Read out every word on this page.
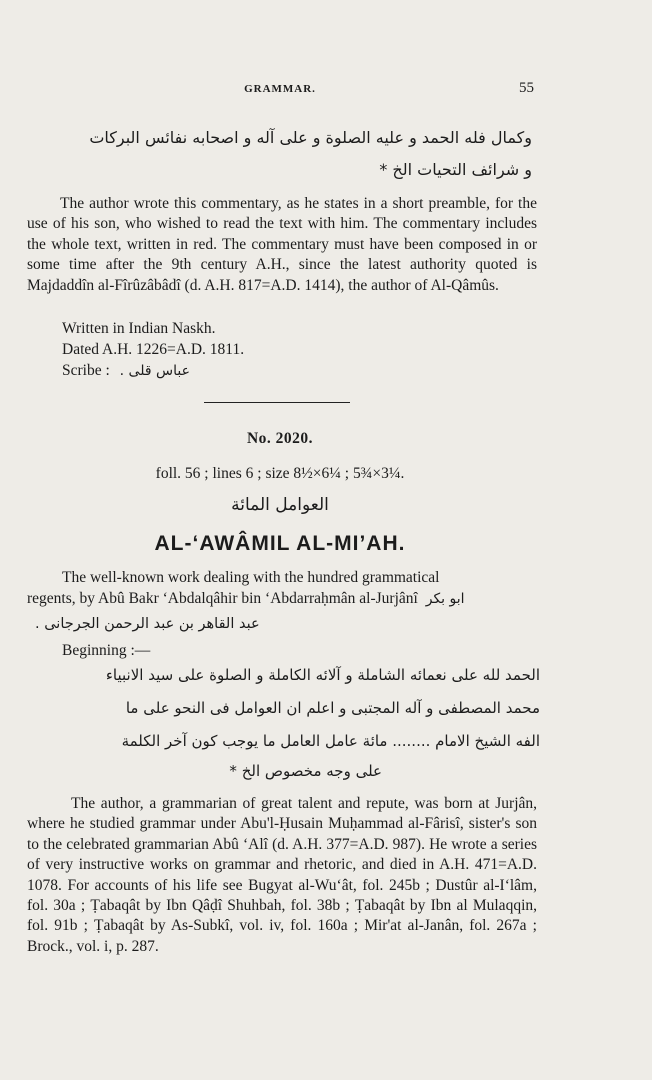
GRAMMAR.	55
وكمال فله الحمد و عليه الصلوة و على آله و اصحابه نفائس البركات
و شرائف التحيات الخ *

The author wrote this commentary, as he states in a short preamble, for the use of his son, who wished to read the text with him. The commentary includes the whole text, written in red. The commentary must have been composed in or some time after the 9th century A.H., since the latest authority quoted is Majdaddîn al-Fîrûzâbâdî (d. A.H. 817=A.D. 1414), the author of Al-Qâmûs.

Written in Indian Naskh.
Dated A.H. 1226=A.D. 1811.
Scribe : عباس قلی .
No. 2020.
foll. 56 ; lines 6 ; size 8½×6¼ ; 5¾×3¼.
العوامل المائة
AL-‘AWÂMIL AL-MI’AH.
The well-known work dealing with the hundred grammatical
regents, by Abû Bakr ‘Abdalqâhir bin ‘Abdarraḥmân al-Jurjânî ابو بكر
عبد القاهر بن عبد الرحمن الجرجانى .
Beginning :—
الحمد لله على نعمائه الشاملة و آلائه الكاملة و الصلوة على سيد الانبياء
محمد المصطفى و آله المجتبى و اعلم ان العوامل فى النحو على ما
الفه الشيخ الامام ........ مائة عامل العامل ما يوجب كون آخر الكلمة
على وجه مخصوص الخ *

The author, a grammarian of great talent and repute, was born at Jurjân, where he studied grammar under Abu'l-Ḥusain Muḥammad al-Fârisî, sister's son to the celebrated grammarian Abû ‘Alî (d. A.H. 377=A.D. 987). He wrote a series of very instructive works on grammar and rhetoric, and died in A.H. 471=A.D. 1078. For accounts of his life see Bugyat al-Wu‘ât, fol. 245b ; Dustûr al-I‘lâm, fol. 30a ; Ṭabaqât by Ibn Qâḍî Shuhbah, fol. 38b ; Ṭabaqât by Ibn al Mulaqqin, fol. 91b ; Ṭabaqât by As-Subkî, vol. iv, fol. 160a ; Mir'at al-Janân, fol. 267a ; Brock., vol. i, p. 287.
